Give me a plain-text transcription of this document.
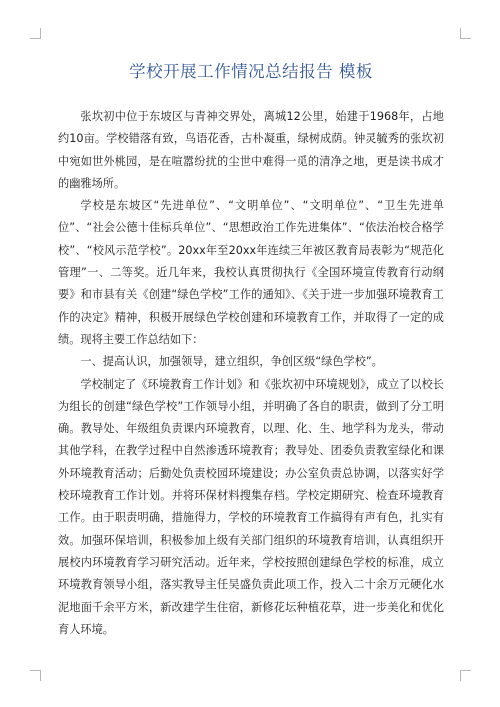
学校开展工作情况总结报告 模板

张坎初中位于东坡区与青神交界处，离城12公里，始建于1968年，占地约10亩。学校错落有致，鸟语花香，古朴凝重，绿树成荫。钟灵毓秀的张坎初中宛如世外桃园，是在喧嚣纷扰的尘世中难得一觅的清净之地，更是读书成才的幽雅场所。

学校是东坡区“先进单位”、“文明单位”、“文明单位”、“卫生先进单位”、“社会公德十佳标兵单位”、“思想政治工作先进集体”、“依法治校合格学校”、“校风示范学校”。20xx年至20xx年连续三年被区教育局表彰为“规范化管理”一、二等奖。近几年来，我校认真贯彻执行《全国环境宣传教育行动纲要》和市县有关《创建“绿色学校”工作的通知》、《关于进一步加强环境教育工作的决定》精神，积极开展绿色学校创建和环境教育工作，并取得了一定的成绩。现将主要工作总结如下：

一、提高认识，加强领导，建立组织，争创区级“绿色学校”。

学校制定了《环境教育工作计划》和《张坎初中环境规划》，成立了以校长为组长的创建“绿色学校”工作领导小组，并明确了各自的职责，做到了分工明确。教导处、年级组负责课内环境教育，以理、化、生、地学科为龙头，带动其他学科，在教学过程中自然渗透环境教育；教导处、团委负责教室绿化和课外环境教育活动；后勤处负责校园环境建设；办公室负责总协调，以落实好学校环境教育工作计划。并将环保材料搜集存档。学校定期研究、检查环境教育工作。由于职责明确，措施得力，学校的环境教育工作搞得有声有色，扎实有效。加强环保培训，积极参加上级有关部门组织的环境教育培训，认真组织开展校内环境教育学习研究活动。近年来，学校按照创建绿色学校的标准，成立环境教育领导小组，落实教导主任吴盛负责此项工作，投入二十余万元硬化水泥地面千余平方米，新改建学生住宿，新修花坛种植花草，进一步美化和优化育人环境。
